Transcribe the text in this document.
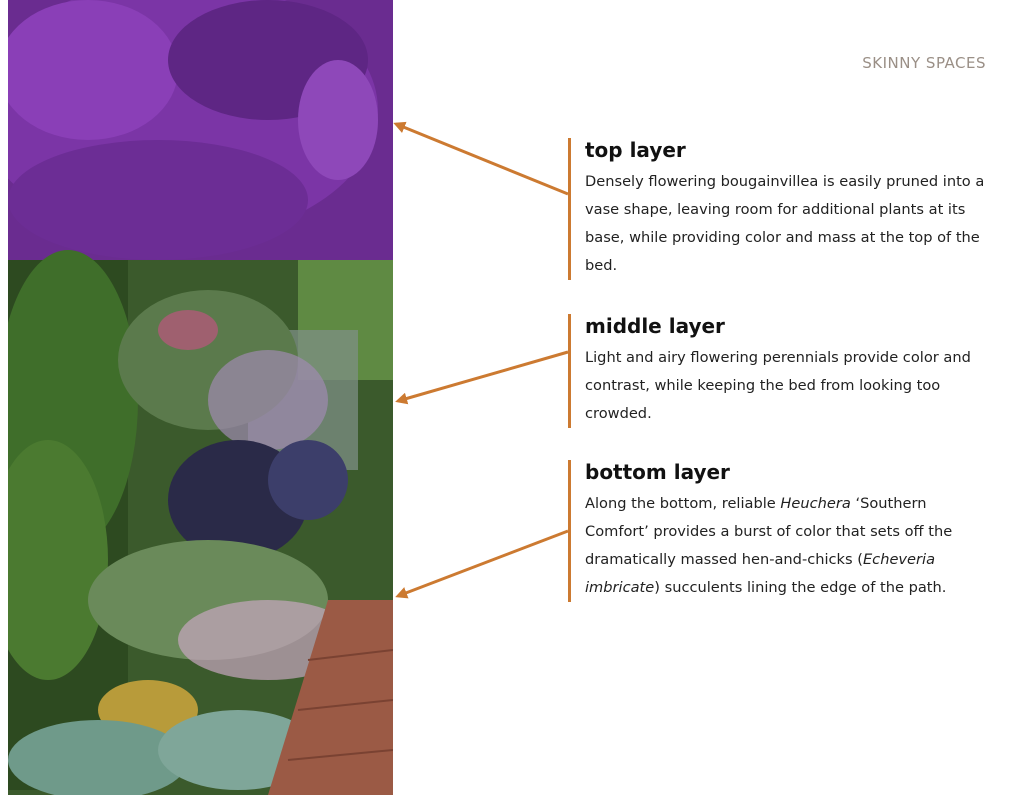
SKINNY SPACES
top layer

Densely flowering bougainvillea is easily pruned into a vase shape, leaving room for additional plants at its base, while providing color and mass at the top of the bed.

middle layer

Light and airy flowering perennials provide color and contrast, while keeping the bed from looking too crowded.

bottom layer

Along the bottom, reliable Heuchera ‘Southern Comfort’ provides a burst of color that sets off the dramatically massed hen-and-chicks (Echeveria imbricate) succulents lining the edge of the path.
